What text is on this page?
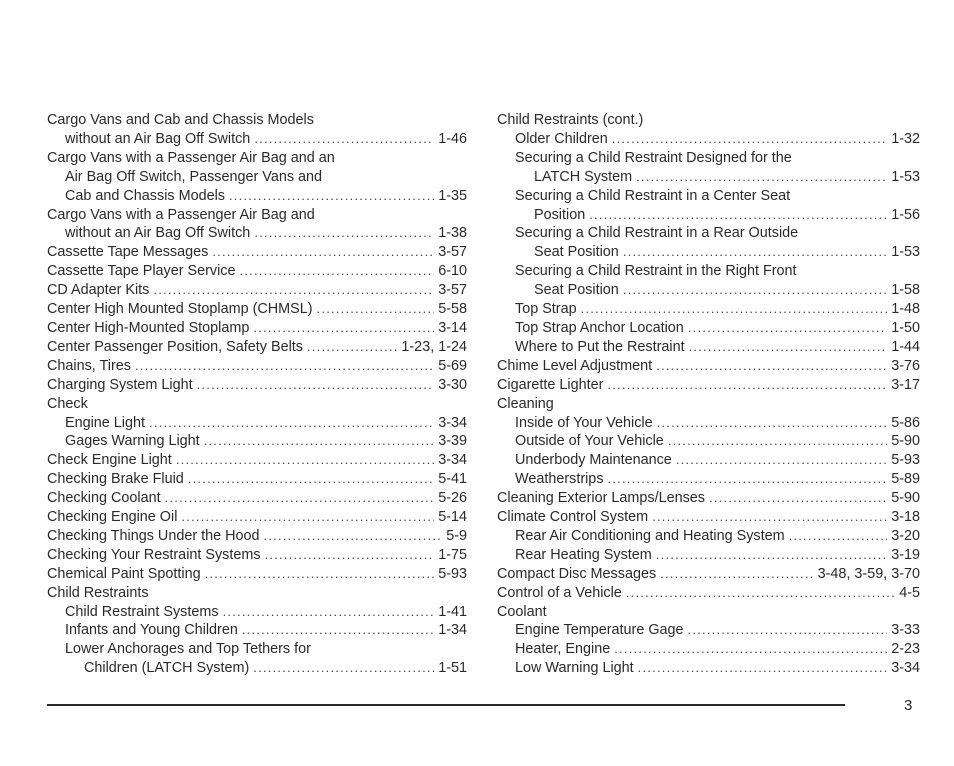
Cargo Vans and Cab and Chassis Models
without an Air Bag Off Switch . . .	1-46
Cargo Vans with a Passenger Air Bag and an
Air Bag Off Switch, Passenger Vans and
Cab and Chassis Models . . .	1-35
Cargo Vans with a Passenger Air Bag and
without an Air Bag Off Switch . . .	1-38
Cassette Tape Messages . . .	3-57
Cassette Tape Player Service . . .	6-10
CD Adapter Kits . . .	3-57
Center High Mounted Stoplamp (CHMSL) . . .	5-58
Center High-Mounted Stoplamp . . .	3-14
Center Passenger Position, Safety Belts . . .	1-23, 1-24
Chains, Tires . . .	5-69
Charging System Light . . .	3-30
Check
Engine Light . . .	3-34
Gages Warning Light . . .	3-39
Check Engine Light . . .	3-34
Checking Brake Fluid . . .	5-41
Checking Coolant . . .	5-26
Checking Engine Oil . . .	5-14
Checking Things Under the Hood . . .	5-9
Checking Your Restraint Systems . . .	1-75
Chemical Paint Spotting . . .	5-93
Child Restraints
Child Restraint Systems . . .	1-41
Infants and Young Children . . .	1-34
Lower Anchorages and Top Tethers for
Children (LATCH System) . . .	1-51
Child Restraints (cont.)
Older Children . . .	1-32
Securing a Child Restraint Designed for the
LATCH System . . .	1-53
Securing a Child Restraint in a Center Seat
Position . . .	1-56
Securing a Child Restraint in a Rear Outside
Seat Position . . .	1-53
Securing a Child Restraint in the Right Front
Seat Position . . .	1-58
Top Strap . . .	1-48
Top Strap Anchor Location . . .	1-50
Where to Put the Restraint . . .	1-44
Chime Level Adjustment . . .	3-76
Cigarette Lighter . . .	3-17
Cleaning
Inside of Your Vehicle . . .	5-86
Outside of Your Vehicle . . .	5-90
Underbody Maintenance . . .	5-93
Weatherstrips . . .	5-89
Cleaning Exterior Lamps/Lenses . . .	5-90
Climate Control System . . .	3-18
Rear Air Conditioning and Heating System . . .	3-20
Rear Heating System . . .	3-19
Compact Disc Messages . . .	3-48, 3-59, 3-70
Control of a Vehicle . . .	4-5
Coolant
Engine Temperature Gage . . .	3-33
Heater, Engine . . .	2-23
Low Warning Light . . .	3-34
3
